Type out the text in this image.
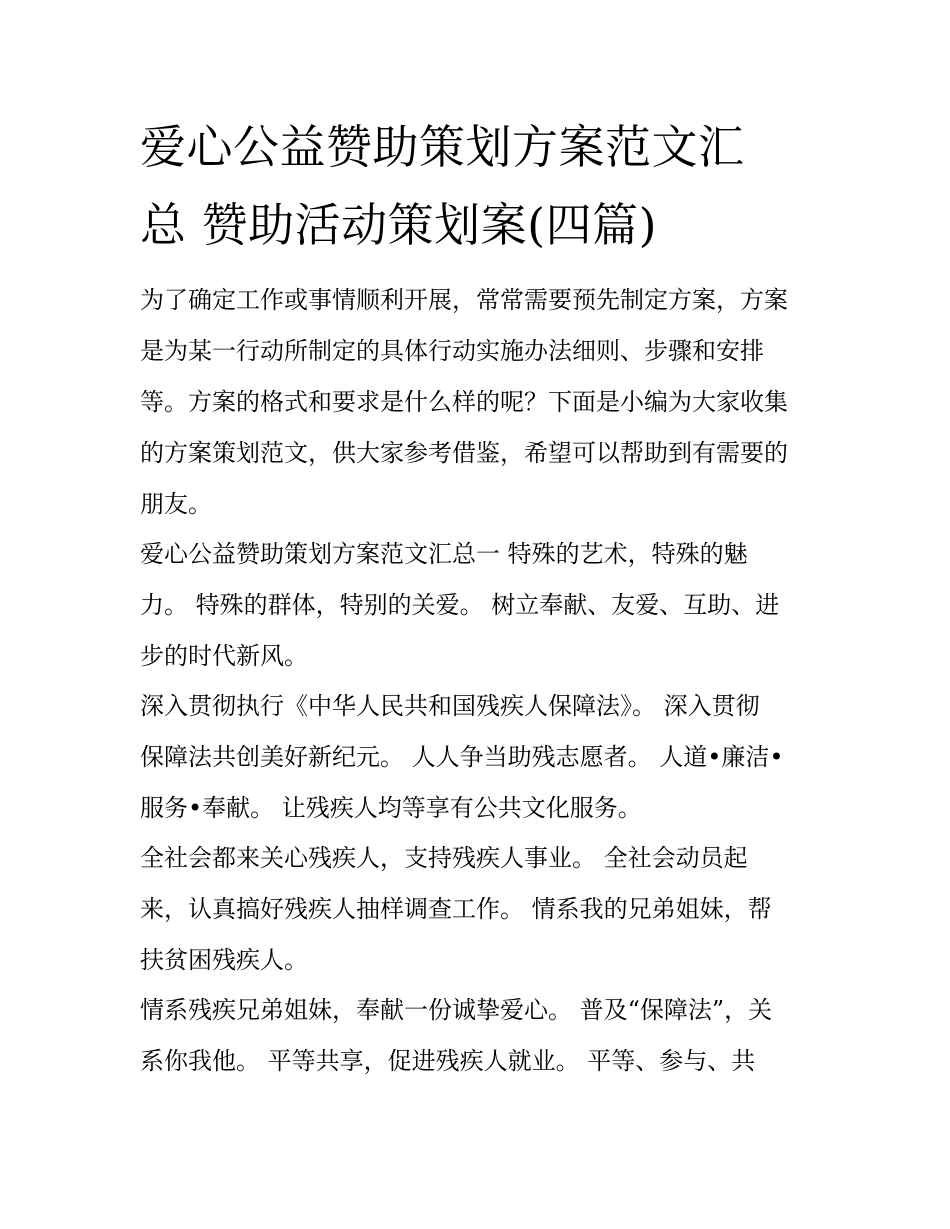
爱心公益赞助策划方案范文汇
总 赞助活动策划案(四篇)
为了确定工作或事情顺利开展，常常需要预先制定方案，方案
是为某一行动所制定的具体行动实施办法细则、步骤和安排
等。方案的格式和要求是什么样的呢？下面是小编为大家收集
的方案策划范文，供大家参考借鉴，希望可以帮助到有需要的
朋友。
爱心公益赞助策划方案范文汇总一 特殊的艺术，特殊的魅
力。 特殊的群体，特别的关爱。 树立奉献、友爱、互助、进
步的时代新风。
深入贯彻执行《中华人民共和国残疾人保障法》。 深入贯彻
保障法共创美好新纪元。 人人争当助残志愿者。 人道•廉洁•
服务•奉献。 让残疾人均等享有公共文化服务。
全社会都来关心残疾人，支持残疾人事业。 全社会动员起
来，认真搞好残疾人抽样调查工作。 情系我的兄弟姐妹，帮
扶贫困残疾人。
情系残疾兄弟姐妹，奉献一份诚挚爱心。 普及“保障法”，关
系你我他。 平等共享，促进残疾人就业。 平等、参与、共
